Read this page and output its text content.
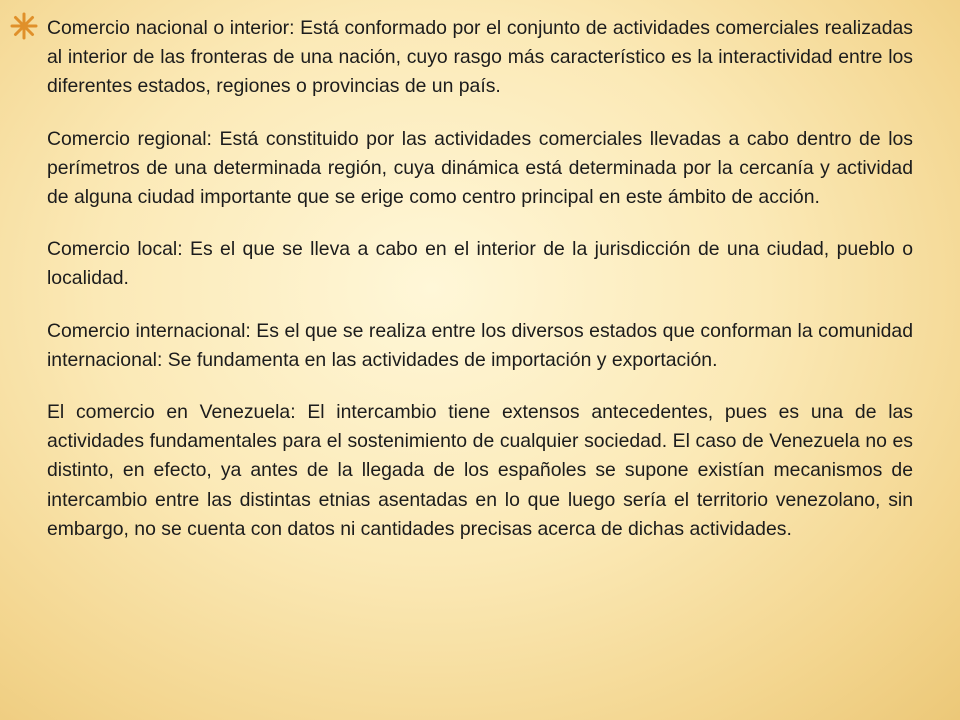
Comercio nacional o interior: Está conformado por el conjunto de actividades comerciales realizadas al interior de las fronteras de una nación, cuyo rasgo más característico es la interactividad entre los diferentes estados, regiones o provincias de un país.

Comercio regional: Está constituido por las actividades comerciales llevadas a cabo dentro de los perímetros de una determinada región, cuya dinámica está determinada por la cercanía y actividad de alguna ciudad importante que se erige como centro principal en este ámbito de acción.

Comercio local: Es el que se lleva a cabo en el interior de la jurisdicción de una ciudad, pueblo o localidad.

Comercio internacional: Es el que se realiza entre los diversos estados que conforman la comunidad internacional: Se fundamenta en las actividades de importación y exportación.

El comercio en Venezuela: El intercambio tiene extensos antecedentes, pues es una de las actividades fundamentales para el sostenimiento de cualquier sociedad. El caso de Venezuela no es distinto, en efecto, ya antes de la llegada de los españoles se supone existían mecanismos de intercambio entre las distintas etnias asentadas en lo que luego sería el territorio venezolano, sin embargo, no se cuenta con datos ni cantidades precisas acerca de dichas actividades.
